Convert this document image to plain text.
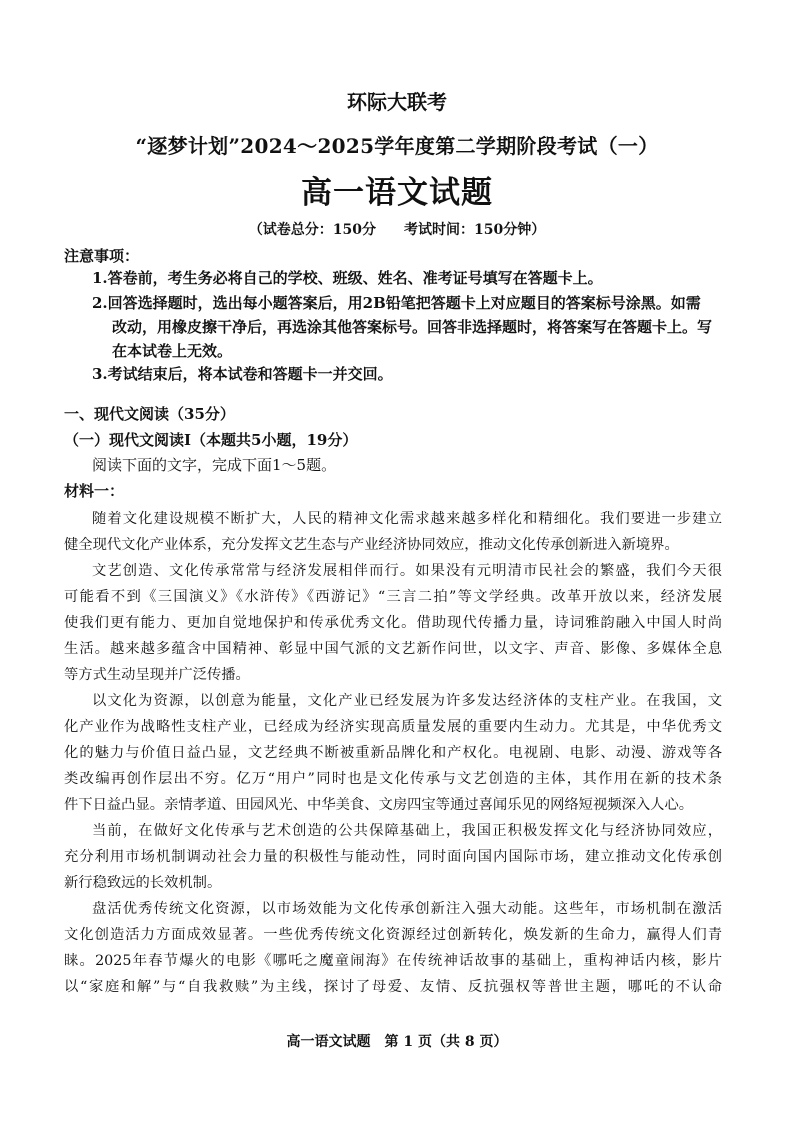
环际大联考
“逐梦计划”2024～2025学年度第二学期阶段考试（一）
高一语文试题
（试卷总分：150分　　考试时间：150分钟）
注意事项：
1.答卷前，考生务必将自己的学校、班级、姓名、准考证号填写在答题卡上。
2.回答选择题时，选出每小题答案后，用2B铅笔把答题卡上对应题目的答案标号涂黑。如需
改动，用橡皮擦干净后，再选涂其他答案标号。回答非选择题时，将答案写在答题卡上。写
在本试卷上无效。
3.考试结束后，将本试卷和答题卡一并交回。
一、现代文阅读（35分）
（一）现代文阅读Ⅰ（本题共5小题，19分）
阅读下面的文字，完成下面1～5题。
材料一：
随着文化建设规模不断扩大，人民的精神文化需求越来越多样化和精细化。我们要进一步建立
健全现代文化产业体系，充分发挥文艺生态与产业经济协同效应，推动文化传承创新进入新境界。
文艺创造、文化传承常常与经济发展相伴而行。如果没有元明清市民社会的繁盛，我们今天很
可能看不到《三国演义》《水浒传》《西游记》“三言二拍”等文学经典。改革开放以来，经济发展
使我们更有能力、更加自觉地保护和传承优秀文化。借助现代传播力量，诗词雅韵融入中国人时尚
生活。越来越多蕴含中国精神、彰显中国气派的文艺新作问世，以文字、声音、影像、多媒体全息
等方式生动呈现并广泛传播。
以文化为资源，以创意为能量，文化产业已经发展为许多发达经济体的支柱产业。在我国，文
化产业作为战略性支柱产业，已经成为经济实现高质量发展的重要内生动力。尤其是，中华优秀文
化的魅力与价值日益凸显，文艺经典不断被重新品牌化和产权化。电视剧、电影、动漫、游戏等各
类改编再创作层出不穷。亿万“用户”同时也是文化传承与文艺创造的主体，其作用在新的技术条
件下日益凸显。亲情孝道、田园风光、中华美食、文房四宝等通过喜闻乐见的网络短视频深入人心。
当前，在做好文化传承与艺术创造的公共保障基础上，我国正积极发挥文化与经济协同效应，
充分利用市场机制调动社会力量的积极性与能动性，同时面向国内国际市场，建立推动文化传承创
新行稳致远的长效机制。
盘活优秀传统文化资源，以市场效能为文化传承创新注入强大动能。这些年，市场机制在激活
文化创造活力方面成效显著。一些优秀传统文化资源经过创新转化，焕发新的生命力，赢得人们青
睐。2025年春节爆火的电影《哪吒之魔童闹海》在传统神话故事的基础上，重构神话内核，影片
以“家庭和解”与“自我救赎”为主线，探讨了母爱、友情、反抗强权等普世主题，哪吒的不认命
高一语文试题　第 1 页（共 8 页）
